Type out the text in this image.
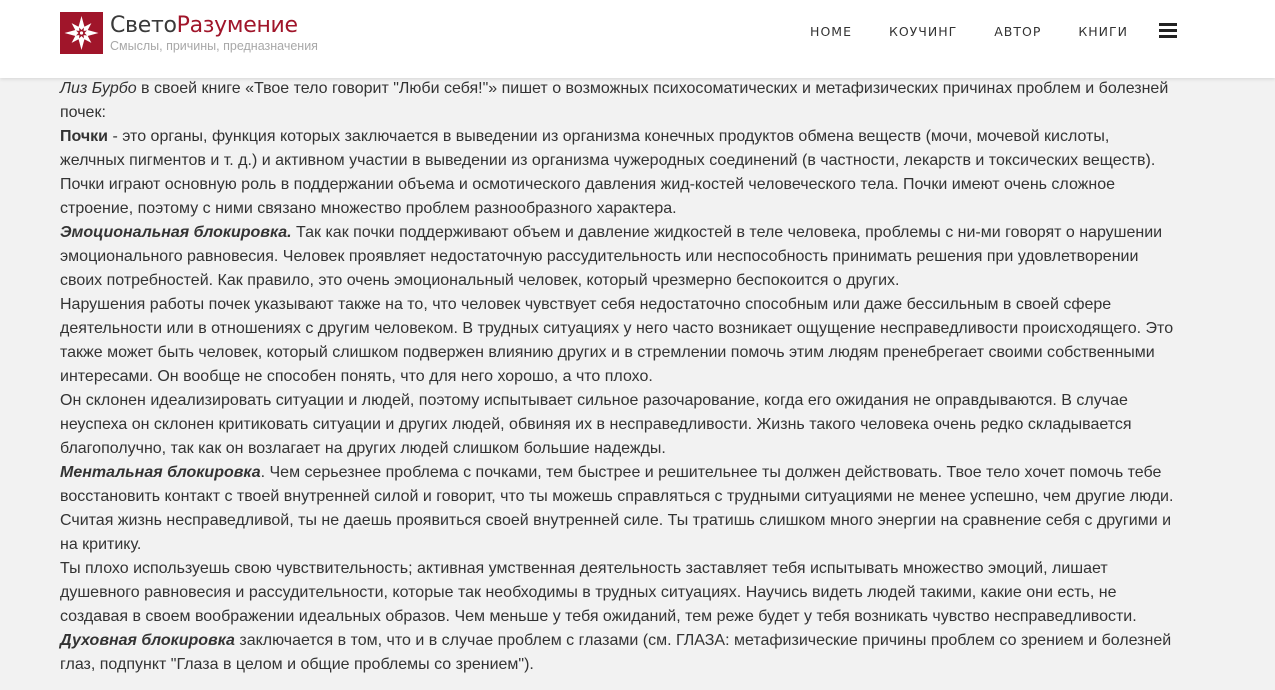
СветоРазумение
Смыслы, причины, предназначения
HOME	КОУЧИНГ	АВТОР	КНИГИ

Лиз Бурбо в своей книге «Твое тело говорит "Люби себя!"» пишет о возможных психосоматических и метафизических причинах проблем и болезней почек:

Почки - это органы, функция которых заключается в выведении из организма конечных продуктов обмена веществ (мочи, мочевой кислоты, желчных пигментов и т. д.) и активном участии в выведении из организма чужеродных соединений (в частности, лекарств и токсических веществ). Почки играют основную роль в поддержании объема и осмотического давления жид-костей человеческого тела. Почки имеют очень сложное строение, поэтому с ними связано множество проблем разнообразного характера.

Эмоциональная блокировка. Так как почки поддерживают объем и давление жидкостей в теле человека, проблемы с ни-ми говорят о нарушении эмоционального равновесия. Человек проявляет недостаточную рассудительность или неспособность принимать решения при удовлетворении своих потребностей. Как правило, это очень эмоциональный человек, который чрезмерно беспокоится о других.

Нарушения работы почек указывают также на то, что человек чувствует себя недостаточно способным или даже бессильным в своей сфере деятельности или в отношениях с другим человеком. В трудных ситуациях у него часто возникает ощущение несправедливости происходящего. Это также может быть человек, который слишком подвержен влиянию других и в стремлении помочь этим людям пренебрегает своими собственными интересами. Он вообще не способен понять, что для него хорошо, а что плохо.

Он склонен идеализировать ситуации и людей, поэтому испытывает сильное разочарование, когда его ожидания не оправдываются. В случае неуспеха он склонен критиковать ситуации и других людей, обвиняя их в несправедливости. Жизнь такого человека очень редко складывается благополучно, так как он возлагает на других людей слишком большие надежды.

Ментальная блокировка. Чем серьезнее проблема с почками, тем быстрее и решительнее ты должен действовать. Твое тело хочет помочь тебе восстановить контакт с твоей внутренней силой и говорит, что ты можешь справляться с трудными ситуациями не менее успешно, чем другие люди. Считая жизнь несправедливой, ты не даешь проявиться своей внутренней силе. Ты тратишь слишком много энергии на сравнение себя с другими и на критику.

Ты плохо используешь свою чувствительность; активная умственная деятельность заставляет тебя испытывать множество эмоций, лишает душевного равновесия и рассудительности, которые так необходимы в трудных ситуациях. Научись видеть людей такими, какие они есть, не создавая в своем воображении идеальных образов. Чем меньше у тебя ожиданий, тем реже будет у тебя возникать чувство несправедливости.

Духовная блокировка заключается в том, что и в случае проблем с глазами (см. ГЛАЗА: метафизические причины проблем со зрением и болезней глаз, подпункт "Глаза в целом и общие проблемы со зрением").
